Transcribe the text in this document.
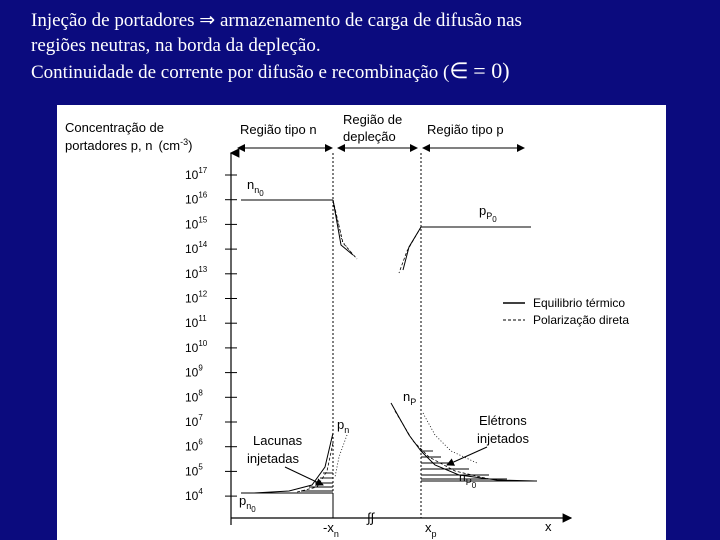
Injeção de portadores ⇒ armazenamento de carga de difusão nas
regiões neutras, na borda da depleção.
Continuidade de corrente por difusão e recombinação (∈ = 0)
Concentração de
portadores p, n $(cm^{-3})$
Região tipo n
Região de
depleção Região tipo p
$10^{17}$
$10^{16}$
$10^{15}$
$10^{14}$
$10^{13}$
$10^{12}$
$10^{11}$
$10^{10}$
$10^9$
$10^8$
$10^7$
$10^6$
$10^5$
$10^4$
$n_{n0}$
$p_{P0}$
$n_P$
$p_n$
$p_{n0}$
$n_{P0}$
Lacunas
injetadas
Elétrons
injetados
$-x_n$	$x_p$	x
∫∫
Equilibrio térmico
Polarização direta
